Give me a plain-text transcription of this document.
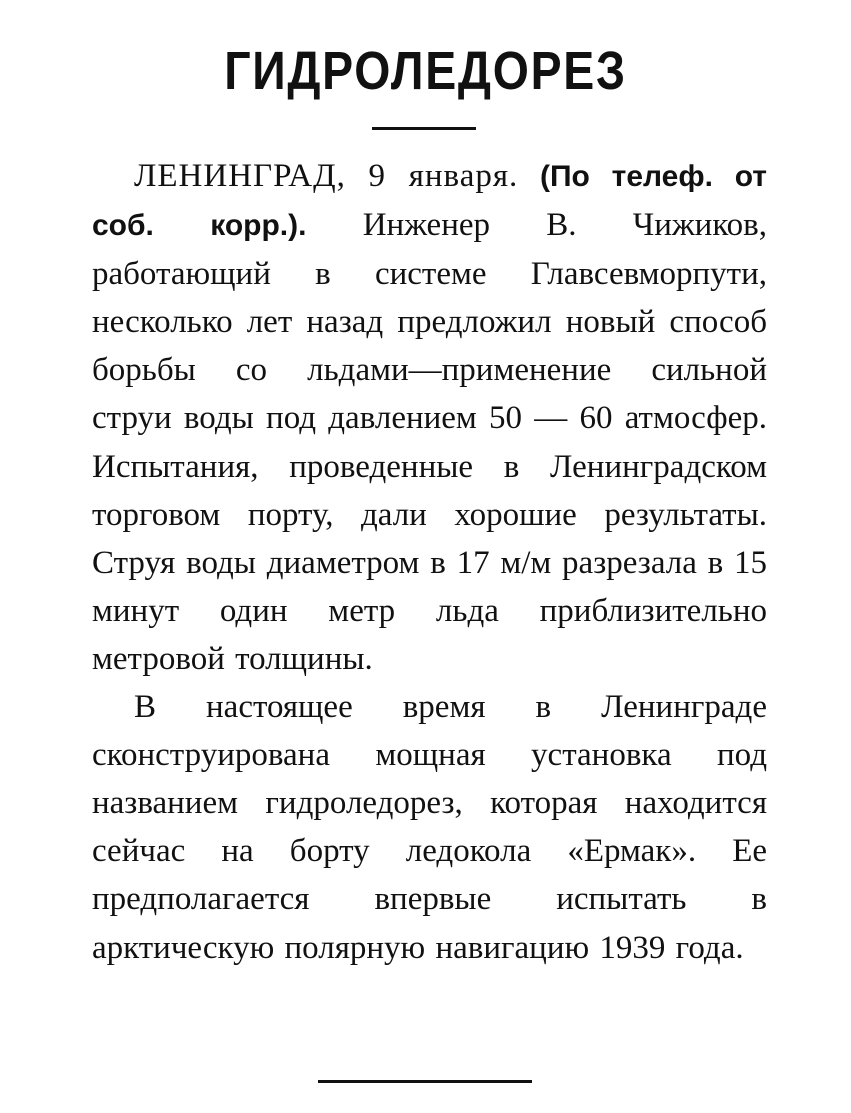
ГИДРОЛЕДОРЕЗ

ЛЕНИНГРАД, 9 января. (По телеф. от соб. корр.). Инженер В. Чижиков, работающий в системе Главсевморпути, несколько лет назад предложил новый способ борьбы со льдами—применение сильной струи воды под давлением 50 — 60 атмосфер. Испытания, проведенные в Ленинградском торговом порту, дали хорошие результаты. Струя воды диаметром в 17 м/м разрезала в 15 минут один метр льда приблизительно метровой толщины.

В настоящее время в Ленинграде сконструирована мощная установка под названием гидроледорез, которая находится сейчас на борту ледокола «Ермак». Ее предполагается впервые испытать в арктическую полярную навигацию 1939 года.
